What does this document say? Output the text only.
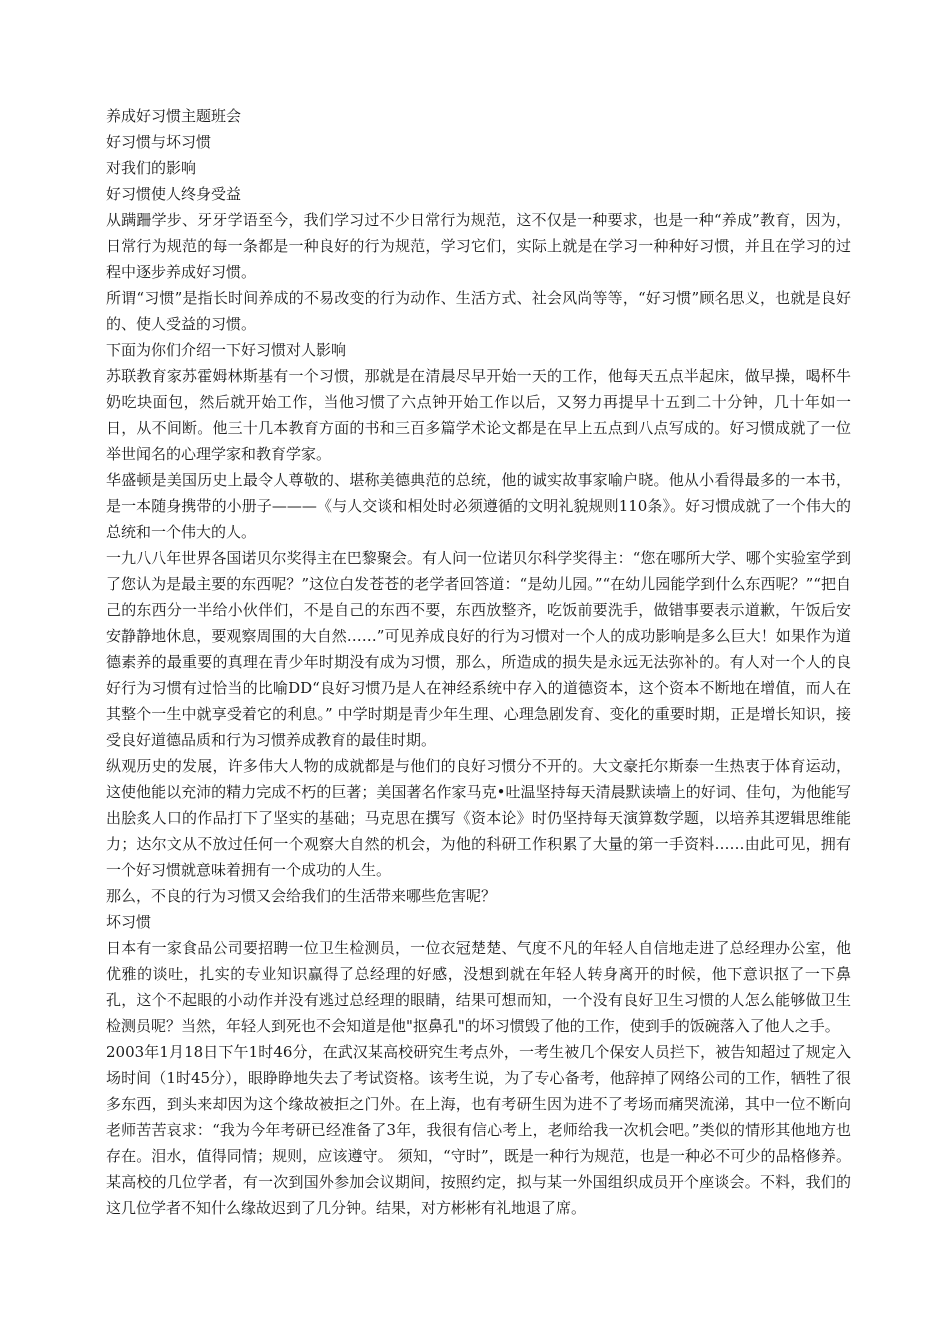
养成好习惯主题班会

好习惯与坏习惯

对我们的影响

好习惯使人终身受益

从蹒跚学步、牙牙学语至今，我们学习过不少日常行为规范，这不仅是一种要求，也是一种“养成”教育，因为，日常行为规范的每一条都是一种良好的行为规范，学习它们，实际上就是在学习一种种好习惯，并且在学习的过程中逐步养成好习惯。

所谓“习惯”是指长时间养成的不易改变的行为动作、生活方式、社会风尚等等，“好习惯”顾名思义，也就是良好的、使人受益的习惯。

下面为你们介绍一下好习惯对人影响

苏联教育家苏霍姆林斯基有一个习惯，那就是在清晨尽早开始一天的工作，他每天五点半起床，做早操，喝杯牛奶吃块面包，然后就开始工作，当他习惯了六点钟开始工作以后，又努力再提早十五到二十分钟，几十年如一日，从不间断。他三十几本教育方面的书和三百多篇学术论文都是在早上五点到八点写成的。好习惯成就了一位举世闻名的心理学家和教育学家。

华盛顿是美国历史上最令人尊敬的、堪称美德典范的总统，他的诚实故事家喻户晓。他从小看得最多的一本书，是一本随身携带的小册子———《与人交谈和相处时必须遵循的文明礼貌规则110条》。好习惯成就了一个伟大的总统和一个伟大的人。

一九八八年世界各国诺贝尔奖得主在巴黎聚会。有人问一位诺贝尔科学奖得主：“您在哪所大学、哪个实验室学到了您认为是最主要的东西呢？”这位白发苍苍的老学者回答道：“是幼儿园。”“在幼儿园能学到什么东西呢？”“把自己的东西分一半给小伙伴们，不是自己的东西不要，东西放整齐，吃饭前要洗手，做错事要表示道歉，午饭后安安静静地休息，要观察周围的大自然……”可见养成良好的行为习惯对一个人的成功影响是多么巨大！如果作为道德素养的最重要的真理在青少年时期没有成为习惯，那么，所造成的损失是永远无法弥补的。有人对一个人的良好行为习惯有过恰当的比喻DD“良好习惯乃是人在神经系统中存入的道德资本，这个资本不断地在增值，而人在其整个一生中就享受着它的利息。” 中学时期是青少年生理、心理急剧发育、变化的重要时期，正是增长知识，接受良好道德品质和行为习惯养成教育的最佳时期。

纵观历史的发展，许多伟大人物的成就都是与他们的良好习惯分不开的。大文豪托尔斯泰一生热衷于体育运动，这使他能以充沛的精力完成不朽的巨著；美国著名作家马克•吐温坚持每天清晨默读墙上的好词、佳句，为他能写出脍炙人口的作品打下了坚实的基础；马克思在撰写《资本论》时仍坚持每天演算数学题，以培养其逻辑思维能力；达尔文从不放过任何一个观察大自然的机会，为他的科研工作积累了大量的第一手资料……由此可见，拥有一个好习惯就意味着拥有一个成功的人生。

那么，不良的行为习惯又会给我们的生活带来哪些危害呢？

坏习惯

日本有一家食品公司要招聘一位卫生检测员，一位衣冠楚楚、气度不凡的年轻人自信地走进了总经理办公室，他优雅的谈吐，扎实的专业知识赢得了总经理的好感，没想到就在年轻人转身离开的时候，他下意识抠了一下鼻孔，这个不起眼的小动作并没有逃过总经理的眼睛，结果可想而知，一个没有良好卫生习惯的人怎么能够做卫生检测员呢？当然，年轻人到死也不会知道是他"抠鼻孔"的坏习惯毁了他的工作，使到手的饭碗落入了他人之手。

2003年1月18日下午1时46分，在武汉某高校研究生考点外，一考生被几个保安人员拦下，被告知超过了规定入场时间（1时45分），眼睁睁地失去了考试资格。该考生说，为了专心备考，他辞掉了网络公司的工作，牺牲了很多东西，到头来却因为这个缘故被拒之门外。在上海，也有考研生因为进不了考场而痛哭流涕，其中一位不断向老师苦苦哀求：“我为今年考研已经准备了3年，我很有信心考上，老师给我一次机会吧。”类似的情形其他地方也存在。泪水，值得同情；规则，应该遵守。 须知，“守时”，既是一种行为规范，也是一种必不可少的品格修养。某高校的几位学者，有一次到国外参加会议期间，按照约定，拟与某一外国组织成员开个座谈会。不料，我们的这几位学者不知什么缘故迟到了几分钟。结果，对方彬彬有礼地退了席。
